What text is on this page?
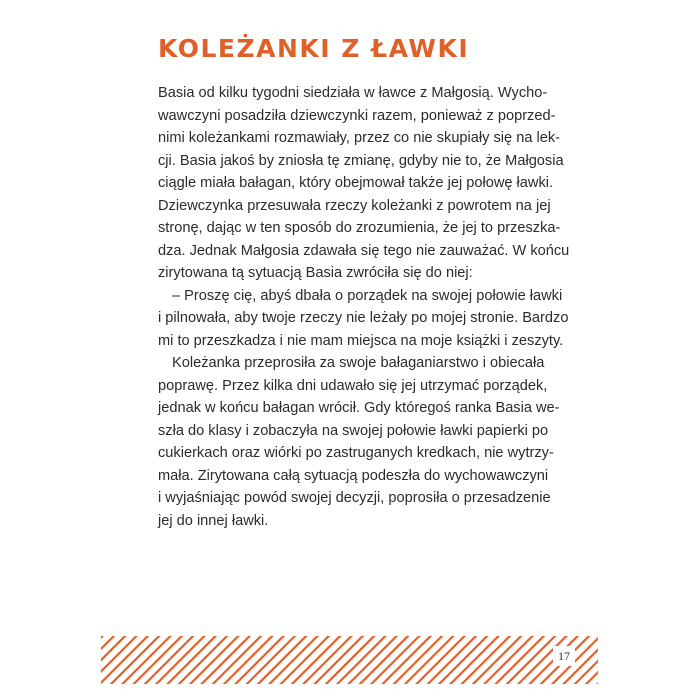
KOLEŻANKI Z ŁAWKI
Basia od kilku tygodni siedziała w ławce z Małgosią. Wycho-
wawczyni posadziła dziewczynki razem, ponieważ z poprzed-
nimi koleżankami rozmawiały, przez co nie skupiały się na lek-
cji. Basia jakoś by zniosła tę zmianę, gdyby nie to, że Małgosia
ciągle miała bałagan, który obejmował także jej połowę ławki.
Dziewczynka przesuwała rzeczy koleżanki z powrotem na jej
stronę, dając w ten sposób do zrozumienia, że jej to przeszka-
dza. Jednak Małgosia zdawała się tego nie zauważać. W końcu
zirytowana tą sytuacją Basia zwróciła się do niej:
– Proszę cię, abyś dbała o porządek na swojej połowie ławki
i pilnowała, aby twoje rzeczy nie leżały po mojej stronie. Bardzo
mi to przeszkadza i nie mam miejsca na moje książki i zeszyty.
Koleżanka przeprosiła za swoje bałaganiarstwo i obiecała
poprawę. Przez kilka dni udawało się jej utrzymać porządek,
jednak w końcu bałagan wrócił. Gdy któregoś ranka Basia we-
szła do klasy i zobaczyła na swojej połowie ławki papierki po
cukierkach oraz wiórki po zastruganych kredkach, nie wytrzy-
mała. Zirytowana całą sytuacją podeszła do wychowawczyni
i wyjaśniając powód swojej decyzji, poprosiła o przesadzenie
jej do innej ławki.
17
